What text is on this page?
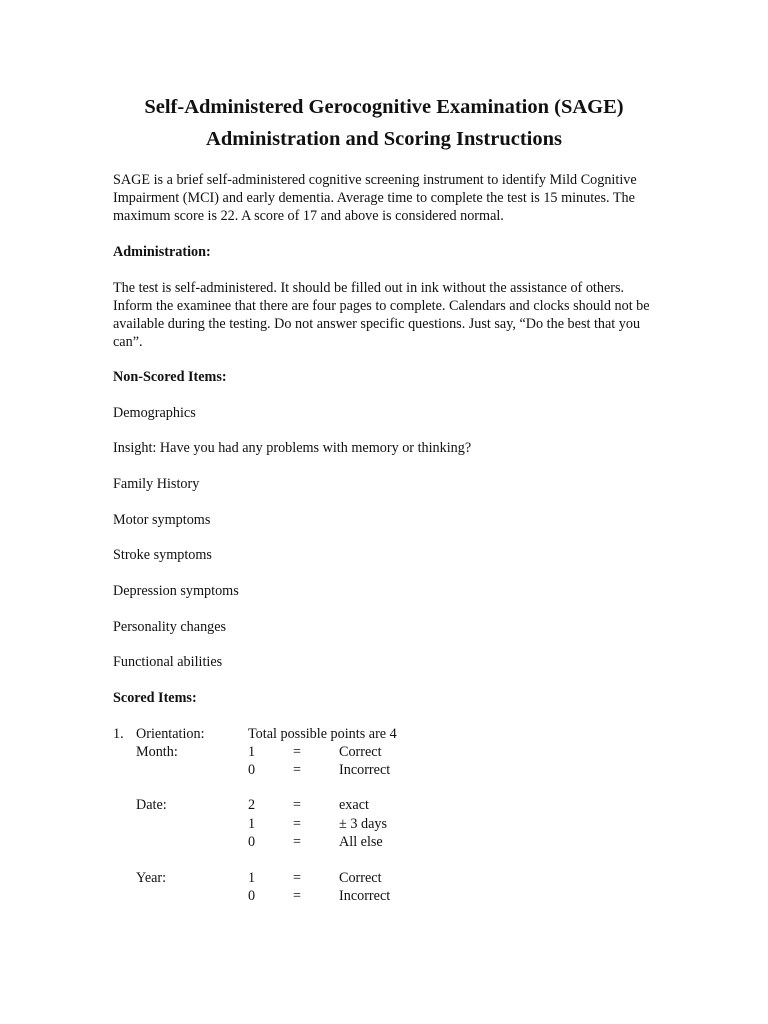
Self-Administered Gerocognitive Examination (SAGE)
Administration and Scoring Instructions
SAGE is a brief self-administered cognitive screening instrument to identify Mild Cognitive Impairment (MCI) and early dementia. Average time to complete the test is 15 minutes. The maximum score is 22. A score of 17 and above is considered normal.
Administration:
The test is self-administered. It should be filled out in ink without the assistance of others. Inform the examinee that there are four pages to complete. Calendars and clocks should not be available during the testing. Do not answer specific questions. Just say, “Do the best that you can”.
Non-Scored Items:
Demographics
Insight: Have you had any problems with memory or thinking?
Family History
Motor symptoms
Stroke symptoms
Depression symptoms
Personality changes
Functional abilities
Scored Items:
1. Orientation:	Total possible points are 4
Month:	1	=	Correct
0	=	Incorrect
Date:	2	=	exact
1	=	± 3 days
0	=	All else
Year:	1	=	Correct
0	=	Incorrect
